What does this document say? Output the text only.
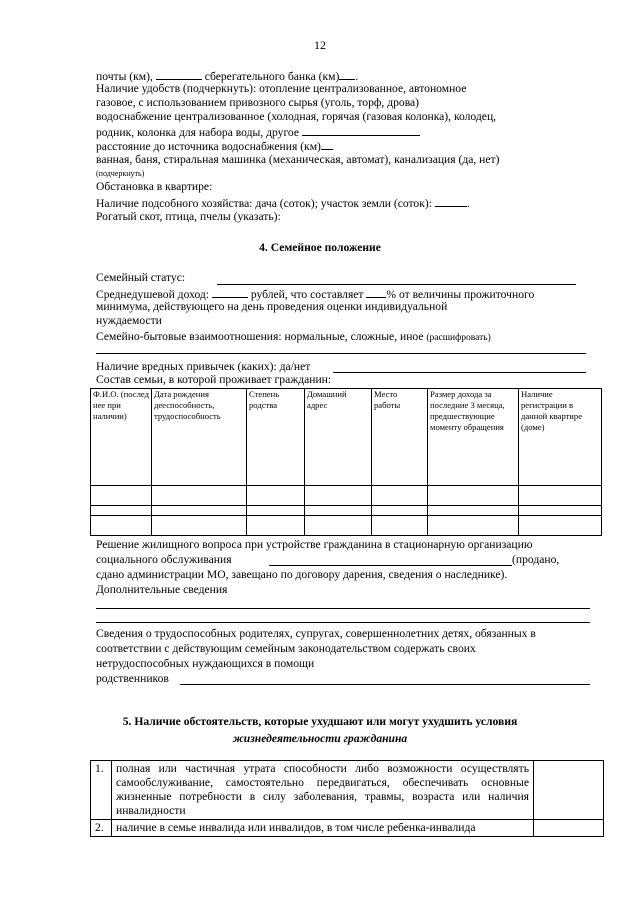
12
почты (км),	сберегательного банка (км) .
Наличие удобств (подчеркнуть): отопление централизованное, автономное
газовое, с использованием привозного сырья (уголь, торф, дрова)
водоснабжение централизованное (холодная, горячая (газовая колонка), колодец,
родник, колонка для набора воды, другое
расстояние до источника водоснабжения (км)
ванная, баня, стиральная машинка (механическая, автомат), канализация (да, нет)
(подчеркнуть)
Обстановка в квартире:
Наличие подсобного хозяйства: дача (соток); участок земли (соток):	.
Рогатый скот, птица, пчелы (указать):
4. Семейное положение
Семейный статус:
Среднедушевой доход:	рублей, что составляет % от величины прожиточного
минимума, действующего на день проведения оценки индивидуальной
нуждаемости
Семейно-бытовые взаимоотношения: нормальные, сложные, иное (расшифровать)
Наличие вредных привычек (каких): да/нет
Состав семьи, в которой проживает гражданин:
Ф.И.О. (послед нее при наличии)	Дата рождения дееспособность, трудоспособность	Степень родства	Домашний адрес	Место работы	Размер дохода за последние 3 месяца, предшествующие моменту обращения	Наличие регистрации в данной квартире (доме)

Решение жилищного вопроса при устройстве гражданина в стационарную организацию
социального обслуживания	(продано,
сдано администрации МО, завещано по договору дарения, сведения о наследнике).
Дополнительные сведения
Сведения о трудоспособных родителях, супругах, совершеннолетних детях, обязанных в
соответствии с действующим семейным законодательством содержать своих
нетрудоспособных нуждающихся в помощи
родственников
5. Наличие обстоятельств, которые ухудшают или могут ухудшить условия
жизнедеятельности гражданина
1.	полная или частичная утрата способности либо возможности осуществлять самообслуживание, самостоятельно передвигаться, обеспечивать основные жизненные потребности в силу заболевания, травмы, возраста или наличия инвалидности	
2.	наличие в семье инвалида или инвалидов, в том числе ребенка-инвалида	
